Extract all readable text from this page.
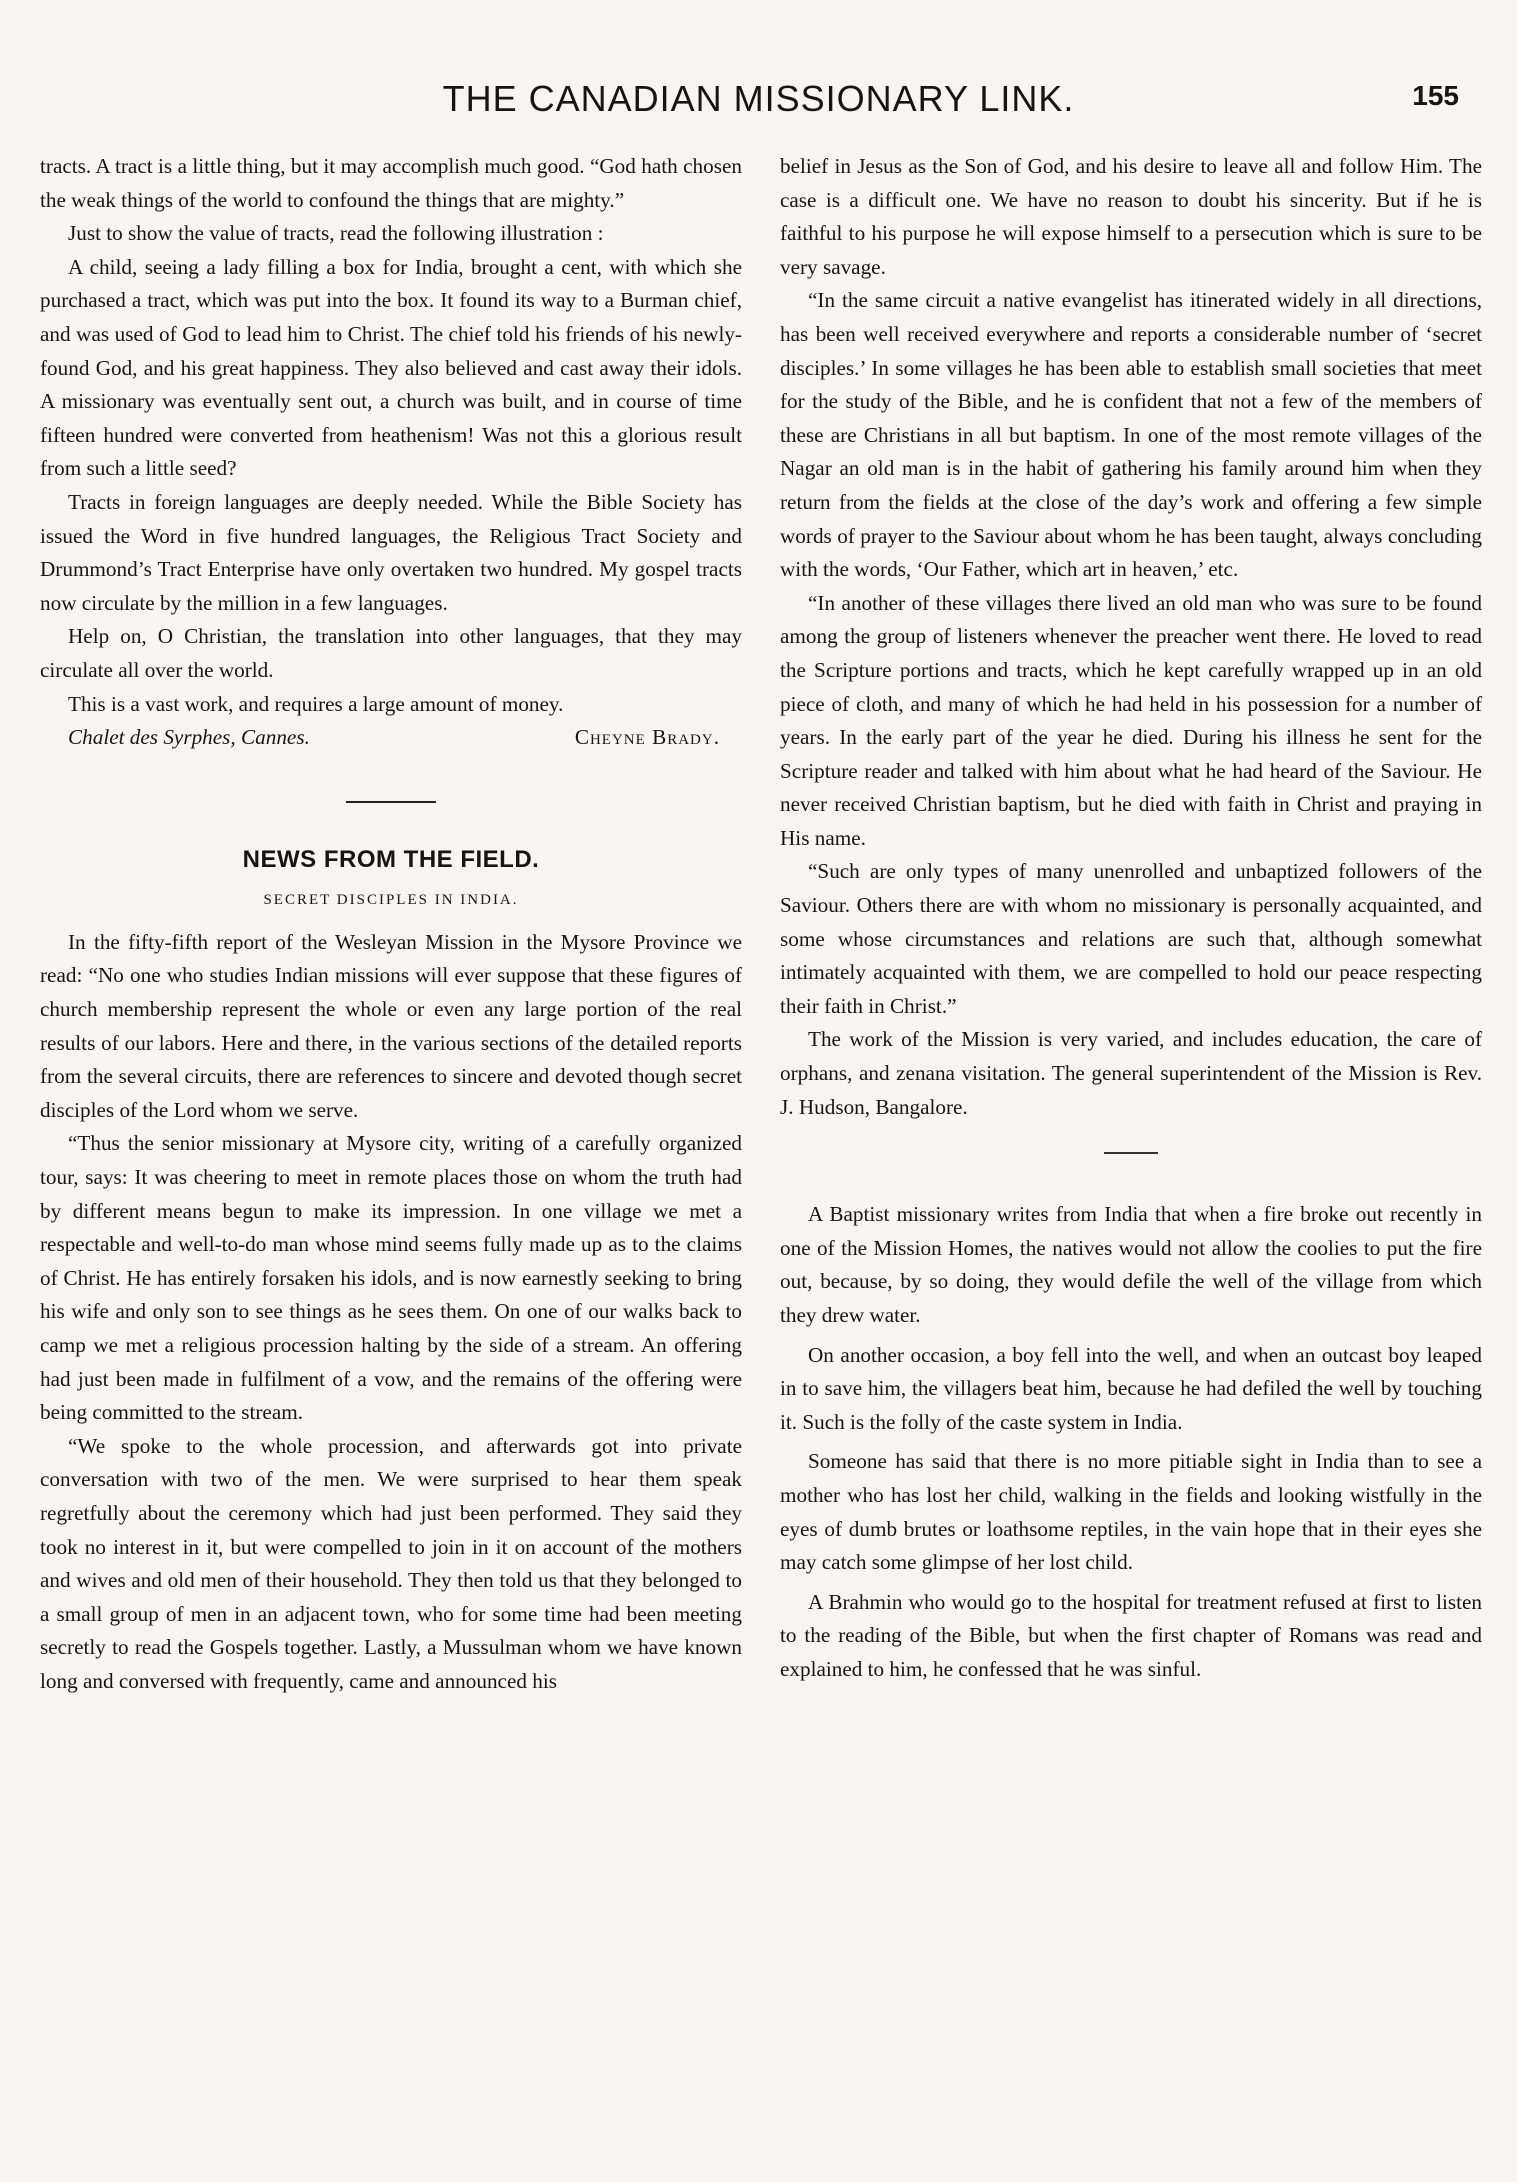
THE CANADIAN MISSIONARY LINK.	155

tracts. A tract is a little thing, but it may accomplish much good. “God hath chosen the weak things of the world to confound the things that are mighty.”

Just to show the value of tracts, read the following illustration :

A child, seeing a lady filling a box for India, brought a cent, with which she purchased a tract, which was put into the box. It found its way to a Burman chief, and was used of God to lead him to Christ. The chief told his friends of his newly-found God, and his great happiness. They also believed and cast away their idols. A missionary was eventually sent out, a church was built, and in course of time fifteen hundred were converted from heathenism! Was not this a glorious result from such a little seed?

Tracts in foreign languages are deeply needed. While the Bible Society has issued the Word in five hundred languages, the Religious Tract Society and Drummond’s Tract Enterprise have only overtaken two hundred. My gospel tracts now circulate by the million in a few languages.

Help on, O Christian, the translation into other languages, that they may circulate all over the world.

This is a vast work, and requires a large amount of money.

Chalet des Syrphes, Cannes.	Cheyne Brady.
NEWS FROM THE FIELD.
SECRET DISCIPLES IN INDIA.

In the fifty-fifth report of the Wesleyan Mission in the Mysore Province we read: “No one who studies Indian missions will ever suppose that these figures of church membership represent the whole or even any large portion of the real results of our labors. Here and there, in the various sections of the detailed reports from the several circuits, there are references to sincere and devoted though secret disciples of the Lord whom we serve.

“Thus the senior missionary at Mysore city, writing of a carefully organized tour, says: It was cheering to meet in remote places those on whom the truth had by different means begun to make its impression. In one village we met a respectable and well-to-do man whose mind seems fully made up as to the claims of Christ. He has entirely forsaken his idols, and is now earnestly seeking to bring his wife and only son to see things as he sees them. On one of our walks back to camp we met a religious procession halting by the side of a stream. An offering had just been made in fulfilment of a vow, and the remains of the offering were being committed to the stream.

“We spoke to the whole procession, and afterwards got into private conversation with two of the men. We were surprised to hear them speak regretfully about the ceremony which had just been performed. They said they took no interest in it, but were compelled to join in it on account of the mothers and wives and old men of their household. They then told us that they belonged to a small group of men in an adjacent town, who for some time had been meeting secretly to read the Gospels together. Lastly, a Mussulman whom we have known long and conversed with frequently, came and announced his

belief in Jesus as the Son of God, and his desire to leave all and follow Him. The case is a difficult one. We have no reason to doubt his sincerity. But if he is faithful to his purpose he will expose himself to a persecution which is sure to be very savage.

“In the same circuit a native evangelist has itinerated widely in all directions, has been well received everywhere and reports a considerable number of ‘secret disciples.’ In some villages he has been able to establish small societies that meet for the study of the Bible, and he is confident that not a few of the members of these are Christians in all but baptism. In one of the most remote villages of the Nagar an old man is in the habit of gathering his family around him when they return from the fields at the close of the day’s work and offering a few simple words of prayer to the Saviour about whom he has been taught, always concluding with the words, ‘Our Father, which art in heaven,’ etc.

“In another of these villages there lived an old man who was sure to be found among the group of listeners whenever the preacher went there. He loved to read the Scripture portions and tracts, which he kept carefully wrapped up in an old piece of cloth, and many of which he had held in his possession for a number of years. In the early part of the year he died. During his illness he sent for the Scripture reader and talked with him about what he had heard of the Saviour. He never received Christian baptism, but he died with faith in Christ and praying in His name.

“Such are only types of many unenrolled and unbaptized followers of the Saviour. Others there are with whom no missionary is personally acquainted, and some whose circumstances and relations are such that, although somewhat intimately acquainted with them, we are compelled to hold our peace respecting their faith in Christ.”

The work of the Mission is very varied, and includes education, the care of orphans, and zenana visitation. The general superintendent of the Mission is Rev. J. Hudson, Bangalore.

A Baptist missionary writes from India that when a fire broke out recently in one of the Mission Homes, the natives would not allow the coolies to put the fire out, because, by so doing, they would defile the well of the village from which they drew water.

On another occasion, a boy fell into the well, and when an outcast boy leaped in to save him, the villagers beat him, because he had defiled the well by touching it. Such is the folly of the caste system in India.

Someone has said that there is no more pitiable sight in India than to see a mother who has lost her child, walking in the fields and looking wistfully in the eyes of dumb brutes or loathsome reptiles, in the vain hope that in their eyes she may catch some glimpse of her lost child.

A Brahmin who would go to the hospital for treatment refused at first to listen to the reading of the Bible, but when the first chapter of Romans was read and explained to him, he confessed that he was sinful.
